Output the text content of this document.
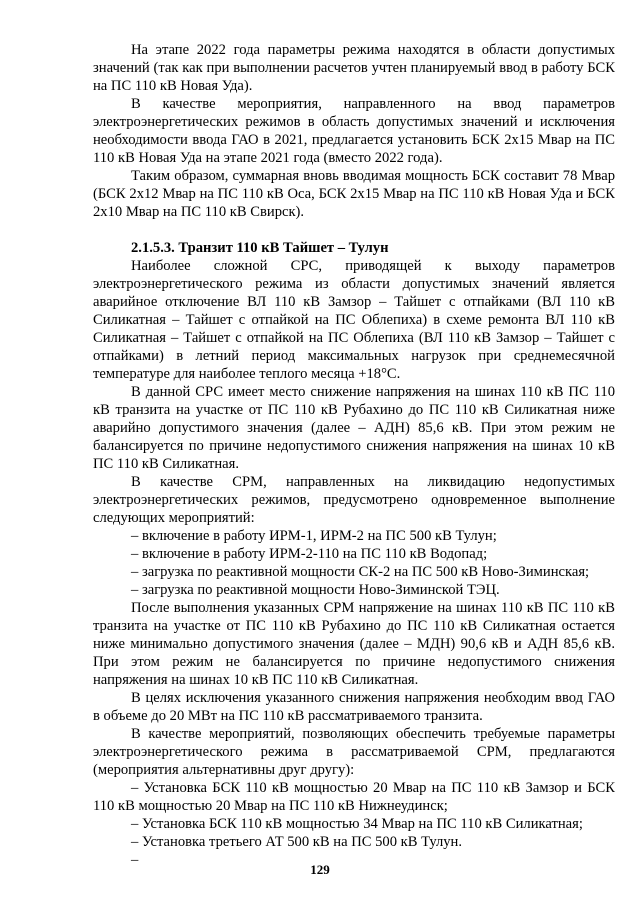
На этапе 2022 года параметры режима находятся в области допустимых значений (так как при выполнении расчетов учтен планируемый ввод в работу БСК на ПС 110 кВ Новая Уда).

В качестве мероприятия, направленного на ввод параметров электроэнергетических режимов в область допустимых значений и исключения необходимости ввода ГАО в 2021, предлагается установить БСК 2х15 Мвар на ПС 110 кВ Новая Уда на этапе 2021 года (вместо 2022 года).

Таким образом, суммарная вновь вводимая мощность БСК составит 78 Мвар (БСК 2х12 Мвар на ПС 110 кВ Оса, БСК 2х15 Мвар на ПС 110 кВ Новая Уда и БСК 2х10 Мвар на ПС 110 кВ Свирск).

2.1.5.3. Транзит 110 кВ Тайшет – Тулун

Наиболее сложной СРС, приводящей к выходу параметров электроэнергетического режима из области допустимых значений является аварийное отключение ВЛ 110 кВ Замзор – Тайшет с отпайками (ВЛ 110 кВ Силикатная – Тайшет с отпайкой на ПС Облепиха) в схеме ремонта ВЛ 110 кВ Силикатная – Тайшет с отпайкой на ПС Облепиха (ВЛ 110 кВ Замзор – Тайшет с отпайками) в летний период максимальных нагрузок при среднемесячной температуре для наиболее теплого месяца +18°С.

В данной СРС имеет место снижение напряжения на шинах 110 кВ ПС 110 кВ транзита на участке от ПС 110 кВ Рубахино до ПС 110 кВ Силикатная ниже аварийно допустимого значения (далее – АДН) 85,6 кВ. При этом режим не балансируется по причине недопустимого снижения напряжения на шинах 10 кВ ПС 110 кВ Силикатная.

В качестве СРМ, направленных на ликвидацию недопустимых электроэнергетических режимов, предусмотрено одновременное выполнение следующих мероприятий:

– включение в работу ИРМ-1, ИРМ-2 на ПС 500 кВ Тулун;
– включение в работу ИРМ-2-110 на ПС 110 кВ Водопад;
– загрузка по реактивной мощности СК-2 на ПС 500 кВ Ново-Зиминская;
– загрузка по реактивной мощности Ново-Зиминской ТЭЦ.

После выполнения указанных СРМ напряжение на шинах 110 кВ ПС 110 кВ транзита на участке от ПС 110 кВ Рубахино до ПС 110 кВ Силикатная остается ниже минимально допустимого значения (далее – МДН) 90,6 кВ и АДН 85,6 кВ. При этом режим не балансируется по причине недопустимого снижения напряжения на шинах 10 кВ ПС 110 кВ Силикатная.

В целях исключения указанного снижения напряжения необходим ввод ГАО в объеме до 20 МВт на ПС 110 кВ рассматриваемого транзита.

В качестве мероприятий, позволяющих обеспечить требуемые параметры электроэнергетического режима в рассматриваемой СРМ, предлагаются (мероприятия альтернативны друг другу):

– Установка БСК 110 кВ мощностью 20 Мвар на ПС 110 кВ Замзор и БСК 110 кВ мощностью 20 Мвар на ПС 110 кВ Нижнеудинск;
– Установка БСК 110 кВ мощностью 34 Мвар на ПС 110 кВ Силикатная;
– Установка третьего АТ 500 кВ на ПС 500 кВ Тулун.
–
129
